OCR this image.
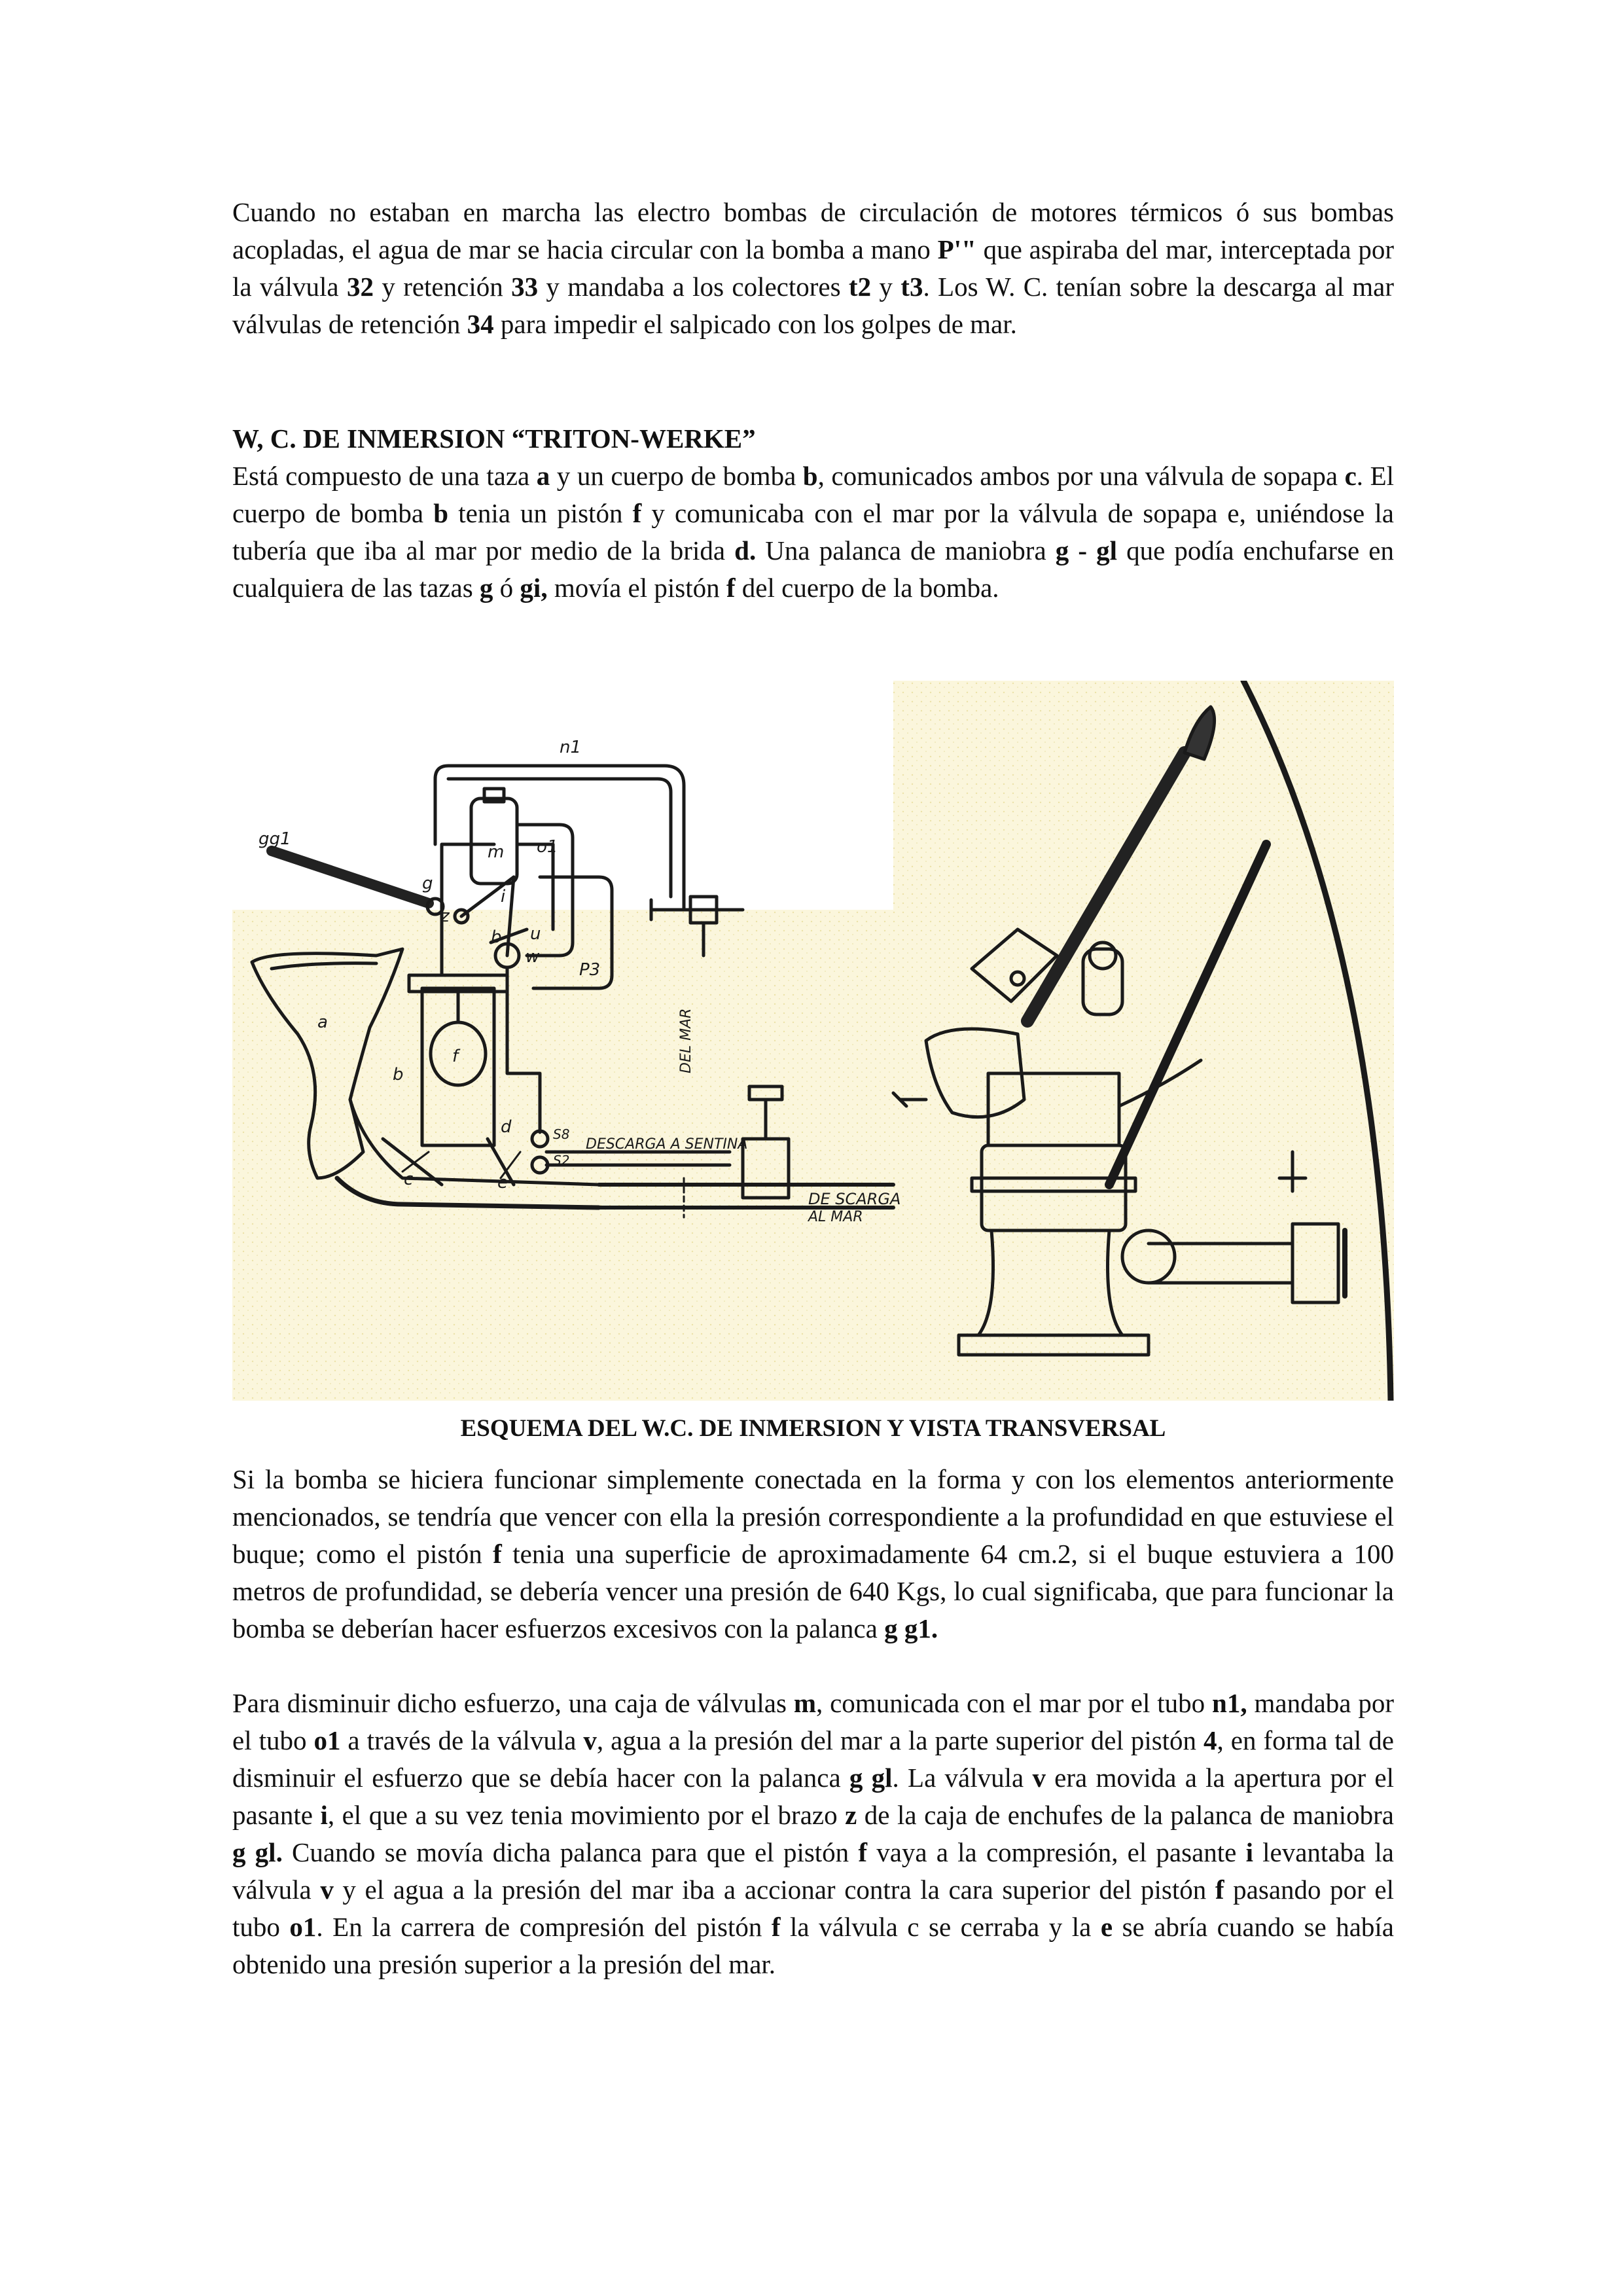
Cuando no estaban en marcha las electro bombas de circulación de motores térmicos ó sus bombas acopladas, el agua de mar se hacia circular con la bomba a mano P'" que aspiraba del mar, interceptada por la válvula 32 y retención 33 y mandaba a los colectores t2 y t3. Los W. C. tenían sobre la descarga al mar válvulas de retención 34 para impedir el salpicado con los golpes de mar.

W, C. DE INMERSION “TRITON-WERKE”

Está compuesto de una taza a y un cuerpo de bomba b, comunicados ambos por una válvula de sopapa c. El cuerpo de bomba b tenia un pistón f y comunicaba con el mar por la válvula de sopapa e, uniéndose la tubería que iba al mar por medio de la brida d. Una palanca de maniobra g - gl que podía enchufarse en cualquiera de las tazas g ó gi, movía el pistón f del cuerpo de la bomba.

n1
gg1
m o1
g
i
z
b u
w
P3
a
b
f
c	e
d	S8
S2
DEL MAR
DESCARGA A SENTINA
DE SCARGA
AL MAR

ESQUEMA DEL W.C. DE INMERSION Y VISTA TRANSVERSAL

Si la bomba se hiciera funcionar simplemente conectada en la forma y con los elementos anteriormente mencionados, se tendría que vencer con ella la presión correspondiente a la profundidad en que estuviese el buque; como el pistón f tenia una superficie de aproximadamente 64 cm.2, si el buque estuviera a 100 metros de profundidad, se debería vencer una presión de 640 Kgs, lo cual significaba, que para funcionar la bomba se deberían hacer esfuerzos excesivos con la palanca g g1.

Para disminuir dicho esfuerzo, una caja de válvulas m, comunicada con el mar por el tubo n1, mandaba por el tubo o1 a través de la válvula v, agua a la presión del mar a la parte superior del pistón 4, en forma tal de disminuir el esfuerzo que se debía hacer con la palanca g gl. La válvula v era movida a la apertura por el pasante i, el que a su vez tenia movimiento por el brazo z de la caja de enchufes de la palanca de maniobra g gl. Cuando se movía dicha palanca para que el pistón f vaya a la compresión, el pasante i levantaba la válvula v y el agua a la presión del mar iba a accionar contra la cara superior del pistón f pasando por el tubo o1. En la carrera de compresión del pistón f la válvula c se cerraba y la e se abría cuando se había obtenido una presión superior a la presión del mar.
